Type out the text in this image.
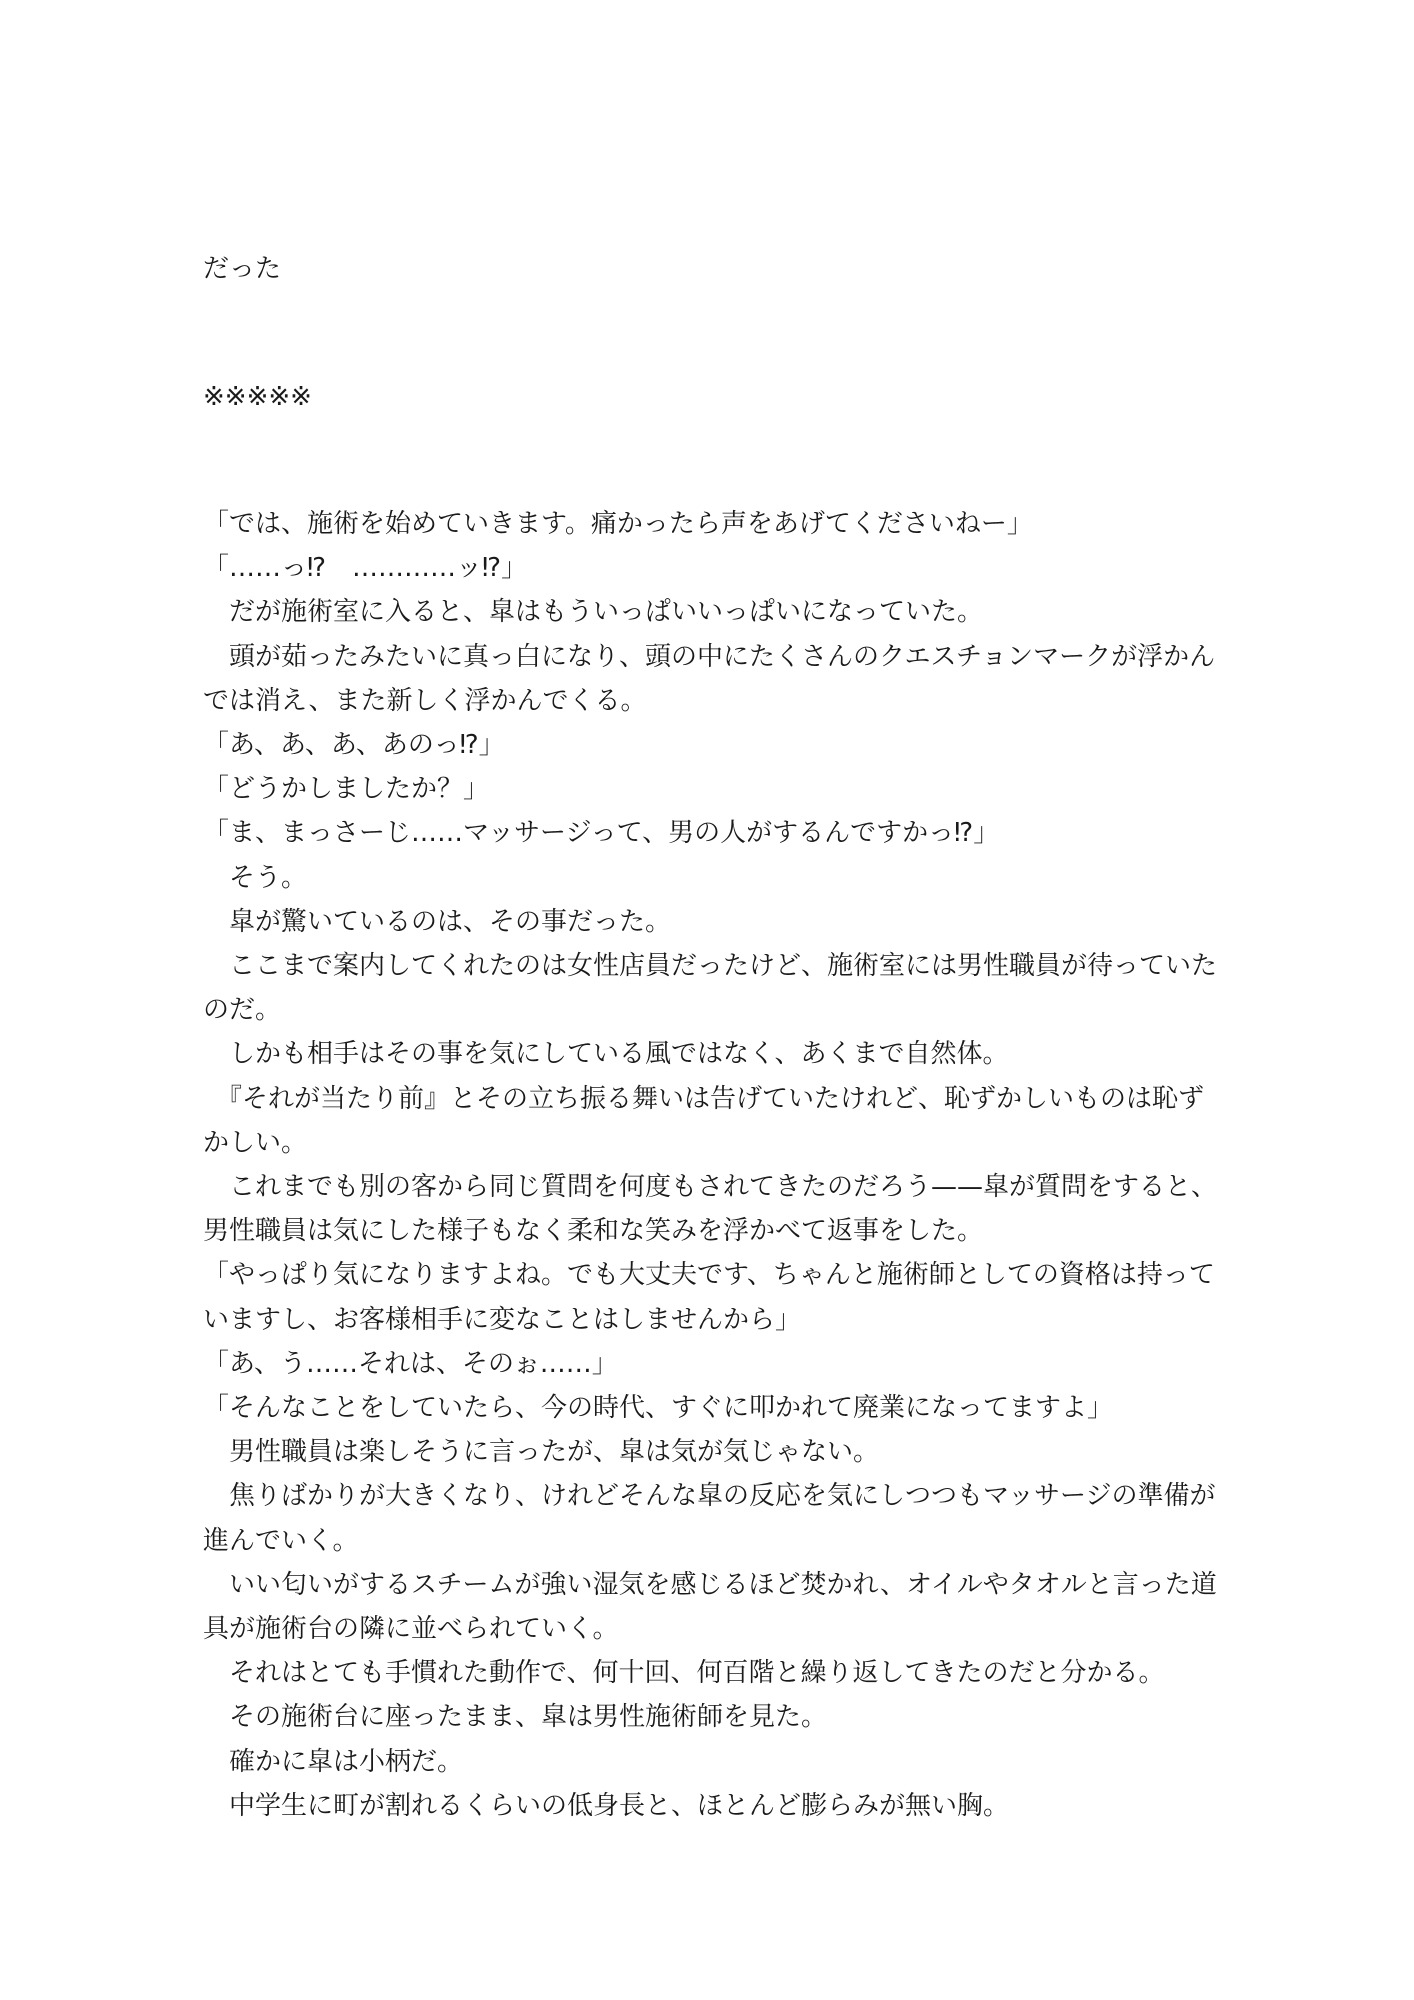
だった
※※※※※
「では、施術を始めていきます。痛かったら声をあげてくださいねー」
「……っ⁉　…………ッ⁉」
　だが施術室に入ると、皐はもういっぱいいっぱいになっていた。
　頭が茹ったみたいに真っ白になり、頭の中にたくさんのクエスチョンマークが浮かん
では消え、また新しく浮かんでくる。
「あ、あ、あ、あのっ⁉」
「どうかしましたか？」
「ま、まっさーじ……マッサージって、男の人がするんですかっ⁉」
　そう。
　皐が驚いているのは、その事だった。
　ここまで案内してくれたのは女性店員だったけど、施術室には男性職員が待っていた
のだ。
　しかも相手はその事を気にしている風ではなく、あくまで自然体。
　『それが当たり前』とその立ち振る舞いは告げていたけれど、恥ずかしいものは恥ず
かしい。
　これまでも別の客から同じ質問を何度もされてきたのだろう——皐が質問をすると、
男性職員は気にした様子もなく柔和な笑みを浮かべて返事をした。
「やっぱり気になりますよね。でも大丈夫です、ちゃんと施術師としての資格は持って
いますし、お客様相手に変なことはしませんから」
「あ、う……それは、そのぉ……」
「そんなことをしていたら、今の時代、すぐに叩かれて廃業になってますよ」
　男性職員は楽しそうに言ったが、皐は気が気じゃない。
　焦りばかりが大きくなり、けれどそんな皐の反応を気にしつつもマッサージの準備が
進んでいく。
　いい匂いがするスチームが強い湿気を感じるほど焚かれ、オイルやタオルと言った道
具が施術台の隣に並べられていく。
　それはとても手慣れた動作で、何十回、何百階と繰り返してきたのだと分かる。
　その施術台に座ったまま、皐は男性施術師を見た。
　確かに皐は小柄だ。
　中学生に町が割れるくらいの低身長と、ほとんど膨らみが無い胸。
